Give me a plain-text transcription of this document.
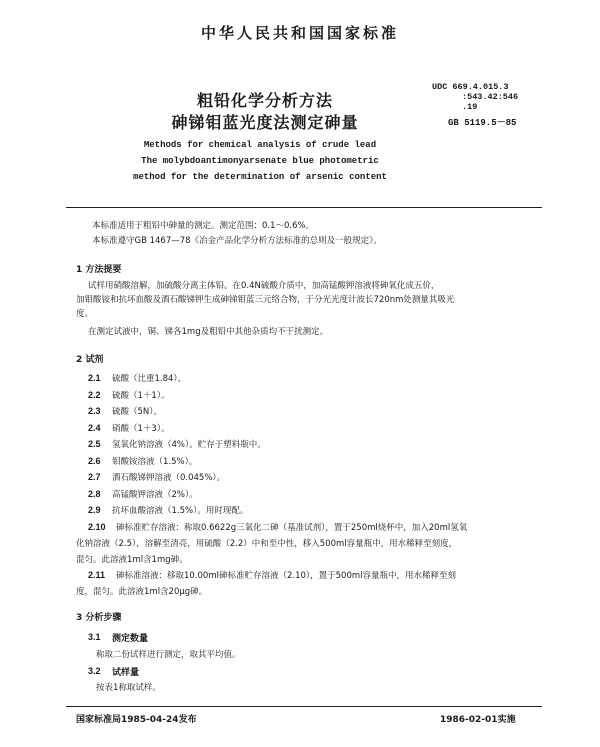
中华人民共和国国家标准
粗铅化学分析方法
砷锑钼蓝光度法测定砷量
UDC 669.4.015.3
:543.42:546
.19
GB 5119.5－85
Methods for chemical analysis of crude lead
The molybdoantimonyarsenate blue photometric
method for the determination of arsenic content
本标准适用于粗铅中砷量的测定。测定范围：0.1～0.6%。
本标准遵守GB 1467—78《冶金产品化学分析方法标准的总则及一般规定》。
1 方法提要
试样用硝酸溶解，加硫酸分离主体铅。在0.4N硫酸介质中，加高锰酸钾溶液将砷氧化成五价，
加钼酸铵和抗坏血酸及酒石酸锑钾生成砷锑钼蓝三元络合物，于分光光度计波长720nm处测量其吸光
度。
在测定试液中，铜、锑各1mg及粗铅中其他杂质均不干扰测定。
2 试剂
2.1 硫酸（比重1.84）。
2.2 硫酸（1＋1）。
2.3 硫酸（5N）。
2.4 硝酸（1＋3）。
2.5 氢氧化钠溶液（4%）。贮存于塑料瓶中。
2.6 钼酸铵溶液（1.5%）。
2.7 酒石酸锑钾溶液（0.045%）。
2.8 高锰酸钾溶液（2%）。
2.9 抗坏血酸溶液（1.5%）。用时现配。
2.10 砷标准贮存溶液：称取0.6622g三氧化二砷（基准试剂），置于250ml烧杯中，加入20ml氢氧
化钠溶液（2.5），溶解至清亮，用硫酸（2.2）中和至中性，移入500ml容量瓶中，用水稀释至刻度，
混匀。此溶液1ml含1mg砷。
2.11 砷标准溶液：移取10.00ml砷标准贮存溶液（2.10），置于500ml容量瓶中，用水稀释至刻
度，混匀。此溶液1ml含20μg砷。
3 分析步骤
3.1 测定数量
称取二份试样进行测定，取其平均值。
3.2 试样量
按表1称取试样。
国家标准局1985-04-24发布	1986-02-01实施
